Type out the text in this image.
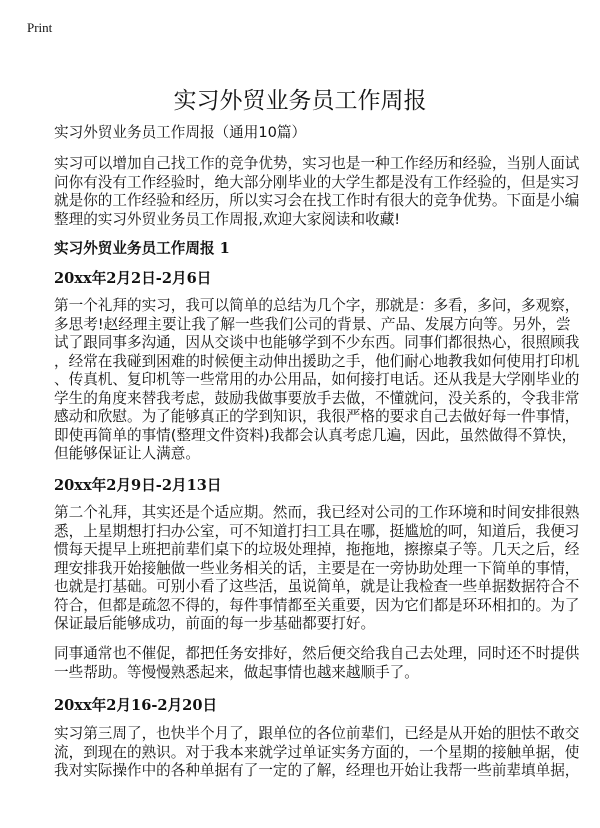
Print
实习外贸业务员工作周报
实习外贸业务员工作周报（通用10篇）
实习可以增加自己找工作的竞争优势，实习也是一种工作经历和经验，当别人面试
问你有没有工作经验时，绝大部分刚毕业的大学生都是没有工作经验的，但是实习
就是你的工作经验和经历，所以实习会在找工作时有很大的竞争优势。下面是小编
整理的实习外贸业务员工作周报,欢迎大家阅读和收藏!
实习外贸业务员工作周报 1
20xx年2月2日-2月6日
第一个礼拜的实习，我可以简单的总结为几个字，那就是：多看，多问，多观察，
多思考!赵经理主要让我了解一些我们公司的背景、产品、发展方向等。另外，尝
试了跟同事多沟通，因从交谈中也能够学到不少东西。同事们都很热心，很照顾我
，经常在我碰到困难的时候便主动伸出援助之手，他们耐心地教我如何使用打印机
、传真机、复印机等一些常用的办公用品，如何接打电话。还从我是大学刚毕业的
学生的角度来替我考虑，鼓励我做事要放手去做，不懂就问，没关系的，令我非常
感动和欣慰。为了能够真正的学到知识，我很严格的要求自己去做好每一件事情，
即使再简单的事情(整理文件资料)我都会认真考虑几遍，因此，虽然做得不算快，
但能够保证让人满意。
20xx年2月9日-2月13日
第二个礼拜，其实还是个适应期。然而，我已经对公司的工作环境和时间安排很熟
悉，上星期想打扫办公室，可不知道打扫工具在哪，挺尴尬的呵，知道后，我便习
惯每天提早上班把前辈们桌下的垃圾处理掉，拖拖地，擦擦桌子等。几天之后，经
理安排我开始接触做一些业务相关的话，主要是在一旁协助处理一下简单的事情，
也就是打基础。可别小看了这些活，虽说简单，就是让我检查一些单据数据符合不
符合，但都是疏忽不得的，每件事情都至关重要，因为它们都是环环相扣的。为了
保证最后能够成功，前面的每一步基础都要打好。
同事通常也不催促，都把任务安排好，然后便交给我自己去处理，同时还不时提供
一些帮助。等慢慢熟悉起来，做起事情也越来越顺手了。
20xx年2月16-2月20日
实习第三周了，也快半个月了，跟单位的各位前辈们，已经是从开始的胆怯不敢交
流，到现在的熟识。对于我本来就学过单证实务方面的，一个星期的接触单据，使
我对实际操作中的各种单据有了一定的了解，经理也开始让我帮一些前辈填单据，
